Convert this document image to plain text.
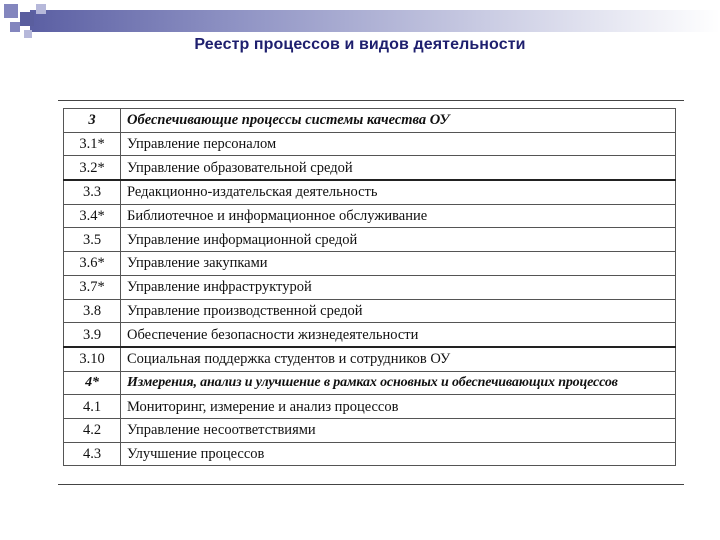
Реестр процессов и видов деятельности
3	Обеспечивающие процессы системы качества ОУ
3.1*	Управление персоналом
3.2*	Управление образовательной средой
3.3	Редакционно-издательская деятельность
3.4*	Библиотечное и информационное обслуживание
3.5	Управление информационной средой
3.6*	Управление закупками
3.7*	Управление инфраструктурой
3.8	Управление производственной средой
3.9	Обеспечение безопасности жизнедеятельности
3.10	Социальная поддержка студентов и сотрудников ОУ
4*	Измерения, анализ и улучшение в рамках основных и обеспечивающих процессов
4.1	Мониторинг, измерение и анализ процессов
4.2	Управление несоответствиями
4.3	Улучшение процессов
